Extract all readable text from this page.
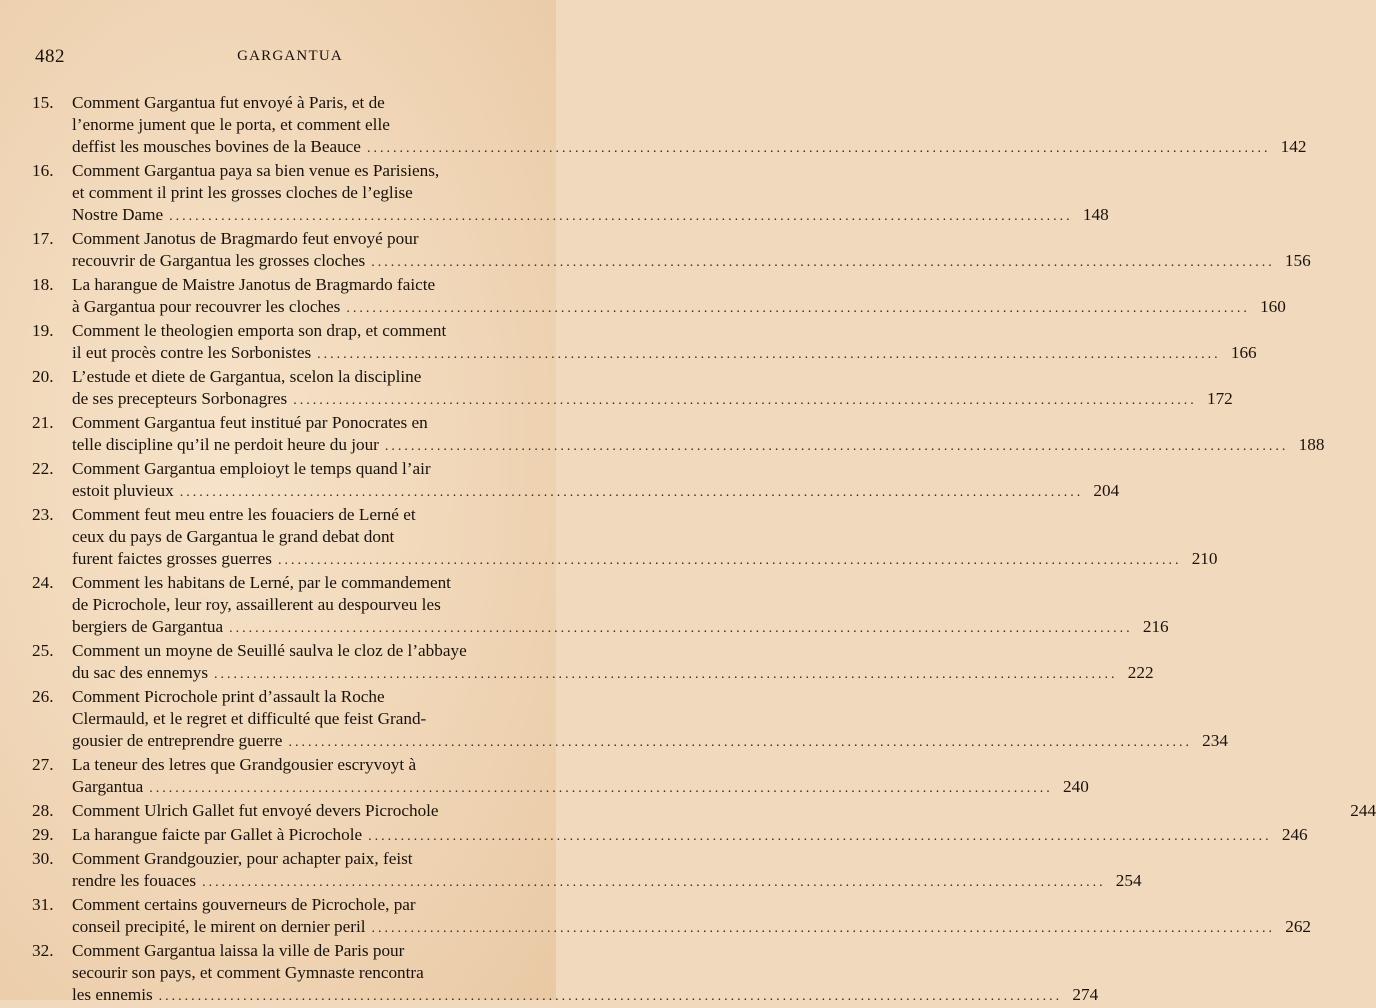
482	GARGANTUA
15.	Comment Gargantua fut envoyé à Paris, et de
l’enorme jument que le porta, et comment elle
deffist les mousches bovines de la Beauce .....	142
16.	Comment Gargantua paya sa bien venue es Parisiens,
et comment il print les grosses cloches de l’eglise
Nostre Dame .....	148
17.	Comment Janotus de Bragmardo feut envoyé pour
recouvrir de Gargantua les grosses cloches .....	156
18.	La harangue de Maistre Janotus de Bragmardo faicte
à Gargantua pour recouvrer les cloches .....	160
19.	Comment le theologien emporta son drap, et comment
il eut procès contre les Sorbonistes .....	166
20.	L’estude et diete de Gargantua, scelon la discipline
de ses precepteurs Sorbonagres .....	172
21.	Comment Gargantua feut institué par Ponocrates en
telle discipline qu’il ne perdoit heure du jour .....	188
22.	Comment Gargantua emploioyt le temps quand l’air
estoit pluvieux .....	204
23.	Comment feut meu entre les fouaciers de Lerné et
ceux du pays de Gargantua le grand debat dont
furent faictes grosses guerres .....	210
24.	Comment les habitans de Lerné, par le commandement
de Picrochole, leur roy, assaillerent au despourveu les
bergiers de Gargantua .....	216
25.	Comment un moyne de Seuillé saulva le cloz de l’abbaye
du sac des ennemys .....	222
26.	Comment Picrochole print d’assault la Roche
Clermauld, et le regret et difficulté que feist Grand-
gousier de entreprendre guerre .....	234
27.	La teneur des letres que Grandgousier escryvoyt à
Gargantua .....	240
28.	Comment Ulrich Gallet fut envoyé devers Picrochole	244
29.	La harangue faicte par Gallet à Picrochole .....	246
30.	Comment Grandgouzier, pour achapter paix, feist
rendre les fouaces .....	254
31.	Comment certains gouverneurs de Picrochole, par
conseil precipité, le mirent on dernier peril .....	262
32.	Comment Gargantua laissa la ville de Paris pour
secourir son pays, et comment Gymnaste rencontra
les ennemis .....	274
